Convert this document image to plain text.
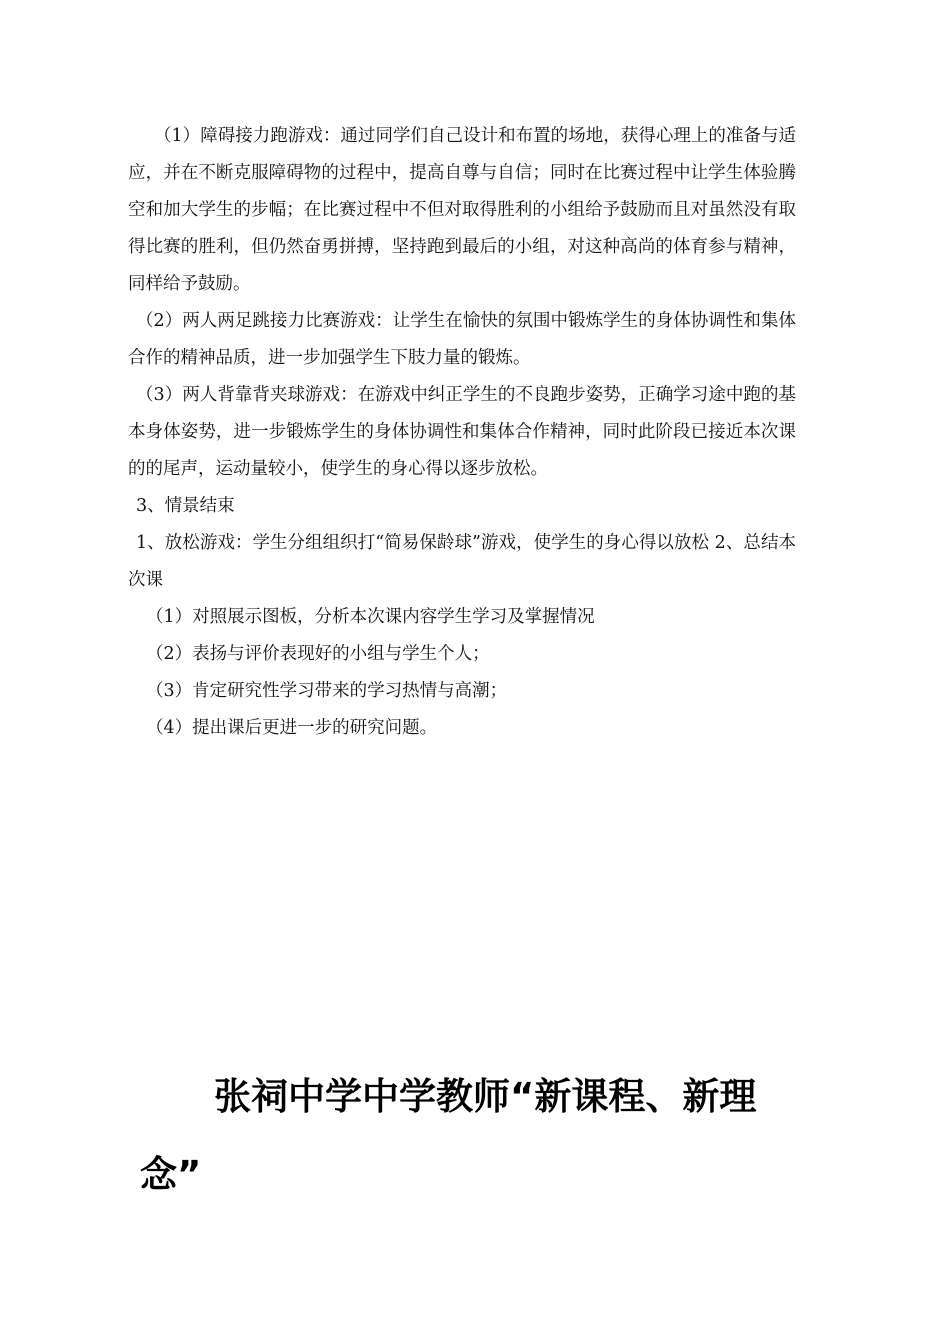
（1）障碍接力跑游戏：通过同学们自己设计和布置的场地，获得心理上的准备与适应，并在不断克服障碍物的过程中，提高自尊与自信；同时在比赛过程中让学生体验腾空和加大学生的步幅；在比赛过程中不但对取得胜利的小组给予鼓励而且对虽然没有取得比赛的胜利，但仍然奋勇拼搏，坚持跑到最后的小组，对这种高尚的体育参与精神，同样给予鼓励。

（2）两人两足跳接力比赛游戏：让学生在愉快的氛围中锻炼学生的身体协调性和集体合作的精神品质，进一步加强学生下肢力量的锻炼。

（3）两人背靠背夹球游戏：在游戏中纠正学生的不良跑步姿势，正确学习途中跑的基本身体姿势，进一步锻炼学生的身体协调性和集体合作精神，同时此阶段已接近本次课的的尾声，运动量较小，使学生的身心得以逐步放松。

3、情景结束

1、放松游戏：学生分组组织打“简易保龄球”游戏，使学生的身心得以放松 2、总结本次课

（1）对照展示图板，分析本次课内容学生学习及掌握情况

（2）表扬与评价表现好的小组与学生个人；

（3）肯定研究性学习带来的学习热情与高潮；

（4）提出课后更进一步的研究问题。

张祠中学中学教师“新课程、新理
念”
